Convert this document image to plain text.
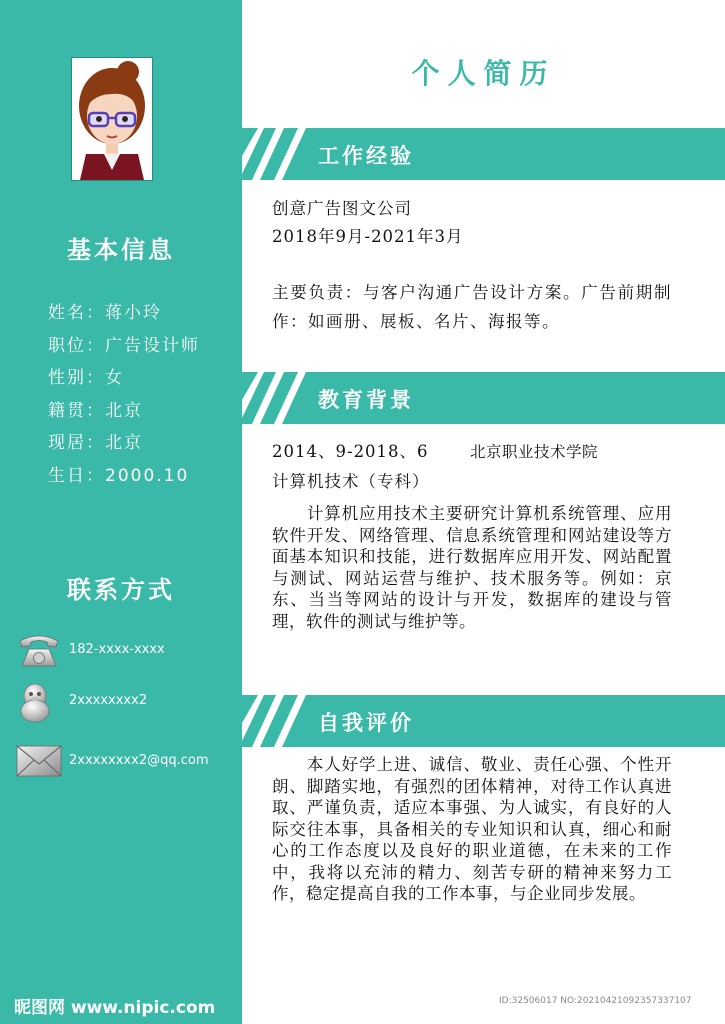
基本信息
姓名：蒋小玲
职位：广告设计师
性别：女
籍贯：北京
现居：北京
生日：2000.10
联系方式
182-xxxx-xxxx
2xxxxxxxx2
2xxxxxxxx2@qq.com
昵图网 www.nipic.com
个人简历
工作经验
创意广告图文公司
2018年9月-2021年3月
主要负责：与客户沟通广告设计方案。广告前期制作：如画册、展板、名片、海报等。
教育背景
2014、9-2018、6	北京职业技术学院
计算机技术（专科）
　　计算机应用技术主要研究计算机系统管理、应用软件开发、网络管理、信息系统管理和网站建设等方面基本知识和技能，进行数据库应用开发、网站配置与测试、网站运营与维护、技术服务等。例如：京东、当当等网站的设计与开发，数据库的建设与管理，软件的测试与维护等。
自我评价
　　本人好学上进、诚信、敬业、责任心强、个性开朗、脚踏实地，有强烈的团体精神，对待工作认真进取、严谨负责，适应本事强、为人诚实，有良好的人际交往本事，具备相关的专业知识和认真，细心和耐心的工作态度以及良好的职业道德，在未来的工作中，我将以充沛的精力、刻苦专研的精神来努力工作，稳定提高自我的工作本事，与企业同步发展。
ID:32506017 NO:20210421092357337107
